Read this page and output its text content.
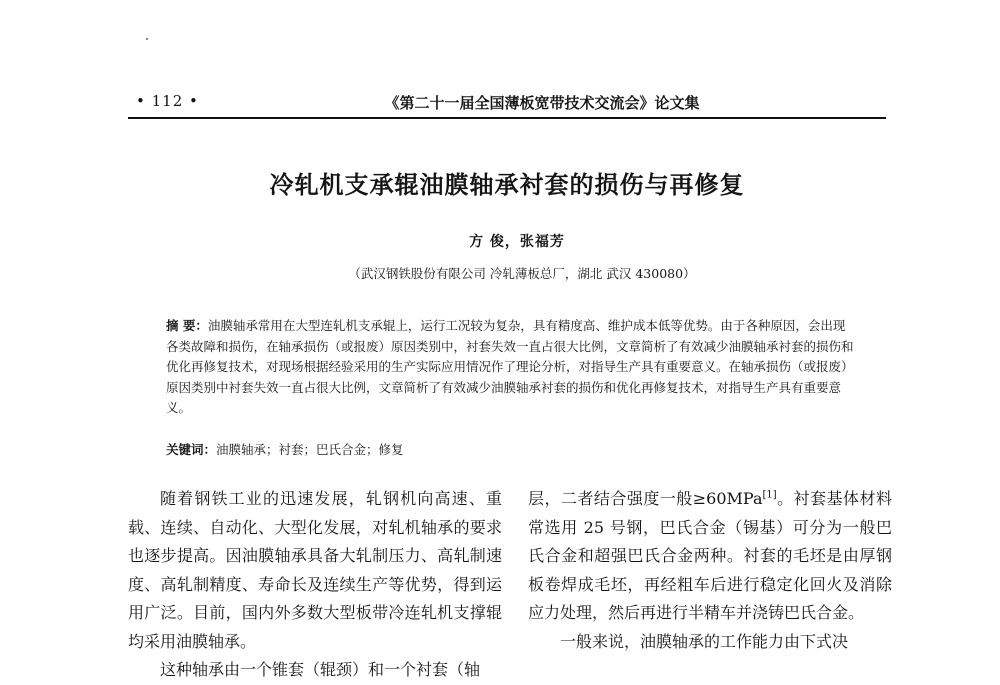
• 112 •	《第二十一届全国薄板宽带技术交流会》论文集
冷轧机支承辊油膜轴承衬套的损伤与再修复
方 俊，张福芳
（武汉钢铁股份有限公司 冷轧薄板总厂，湖北 武汉 430080）
摘 要：油膜轴承常用在大型连轧机支承辊上，运行工况较为复杂，具有精度高、维护成本低等优势。由于各种原因，会出现各类故障和损伤，在轴承损伤（或报废）原因类别中，衬套失效一直占很大比例，文章简析了有效减少油膜轴承衬套的损伤和优化再修复技术，对现场根据经验采用的生产实际应用情况作了理论分析，对指导生产具有重要意义。在轴承损伤（或报废）原因类别中衬套失效一直占很大比例，文章简析了有效减少油膜轴承衬套的损伤和优化再修复技术，对指导生产具有重要意义。
关键词：油膜轴承；衬套；巴氏合金；修复

随着钢铁工业的迅速发展，轧钢机向高速、重载、连续、自动化、大型化发展，对轧机轴承的要求也逐步提高。因油膜轴承具备大轧制压力、高轧制速度、高轧制精度、寿命长及连续生产等优势，得到运用广泛。目前，国内外多数大型板带冷连轧机支撑辊均采用油膜轴承。

这种轴承由一个锥套（辊颈）和一个衬套（轴

层，二者结合强度一般≥60MPa[1]。衬套基体材料常选用 25 号钢，巴氏合金（锡基）可分为一般巴氏合金和超强巴氏合金两种。衬套的毛坯是由厚钢板卷焊成毛坯，再经粗车后进行稳定化回火及消除应力处理，然后再进行半精车并浇铸巴氏合金。

一般来说，油膜轴承的工作能力由下式决
